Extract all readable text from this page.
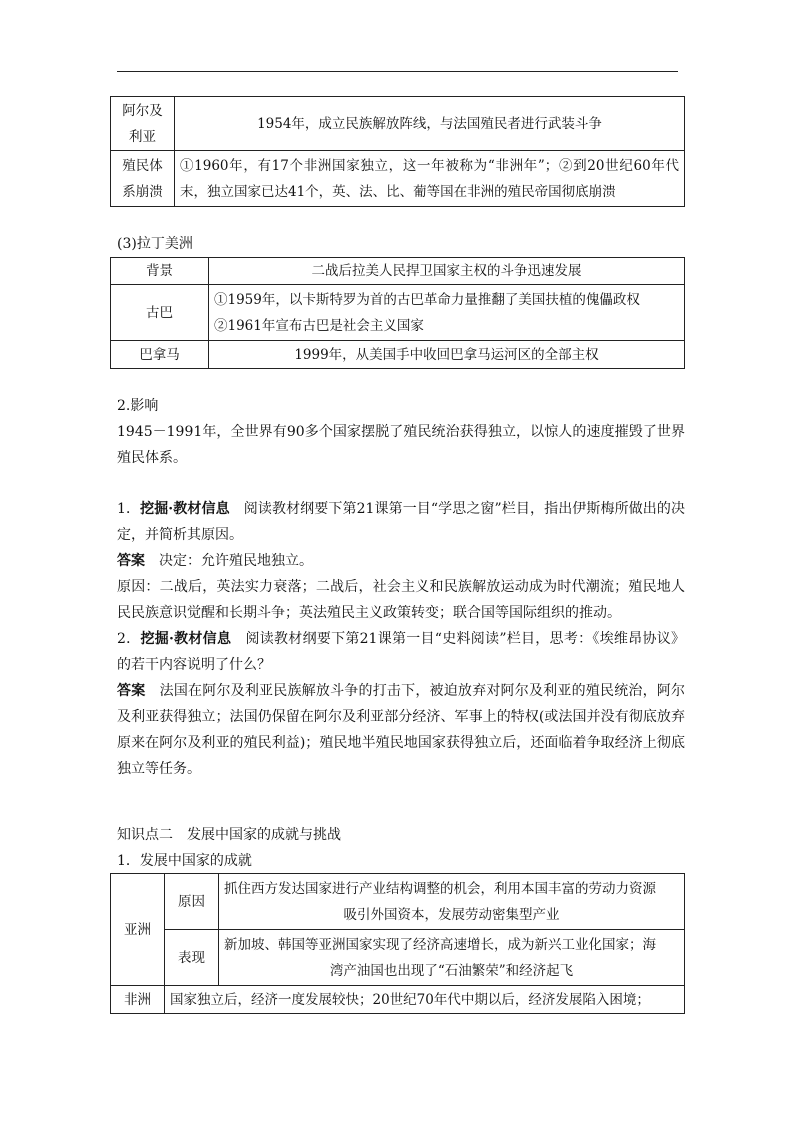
阿尔及利亚	1954年，成立民族解放阵线，与法国殖民者进行武装斗争
殖民体系崩溃	①1960年，有17个非洲国家独立，这一年被称为“非洲年”；②到20世纪60年代末，独立国家已达41个，英、法、比、葡等国在非洲的殖民帝国彻底崩溃

(3)拉丁美洲

背景	二战后拉美人民捍卫国家主权的斗争迅速发展
古巴	①1959年，以卡斯特罗为首的古巴革命力量推翻了美国扶植的傀儡政权
②1961年宣布古巴是社会主义国家

巴拿马	1999年，从美国手中收回巴拿马运河区的全部主权

2.影响

1945－1991年，全世界有90多个国家摆脱了殖民统治获得独立，以惊人的速度摧毁了世界殖民体系。

1．挖掘·教材信息　阅读教材纲要下第21课第一目“学思之窗”栏目，指出伊斯梅所做出的决定，并简析其原因。

答案　决定：允许殖民地独立。

原因：二战后，英法实力衰落；二战后，社会主义和民族解放运动成为时代潮流；殖民地人民民族意识觉醒和长期斗争；英法殖民主义政策转变；联合国等国际组织的推动。

2．挖掘·教材信息　阅读教材纲要下第21课第一目“史料阅读”栏目，思考：《埃维昂协议》的若干内容说明了什么？

答案　法国在阿尔及利亚民族解放斗争的打击下，被迫放弃对阿尔及利亚的殖民统治，阿尔及利亚获得独立；法国仍保留在阿尔及利亚部分经济、军事上的特权(或法国并没有彻底放弃原来在阿尔及利亚的殖民利益)；殖民地半殖民地国家获得独立后，还面临着争取经济上彻底独立等任务。

知识点二　发展中国家的成就与挑战

1．发展中国家的成就

亚洲	原因	抓住西方发达国家进行产业结构调整的机会，利用本国丰富的劳动力资源
吸引外国资本，发展劳动密集型产业

	表现	新加坡、韩国等亚洲国家实现了经济高速增长，成为新兴工业化国家；海
湾产油国也出现了“石油繁荣”和经济起飞

非洲	国家独立后，经济一度发展较快；20世纪70年代中期以后，经济发展陷入困境；	
